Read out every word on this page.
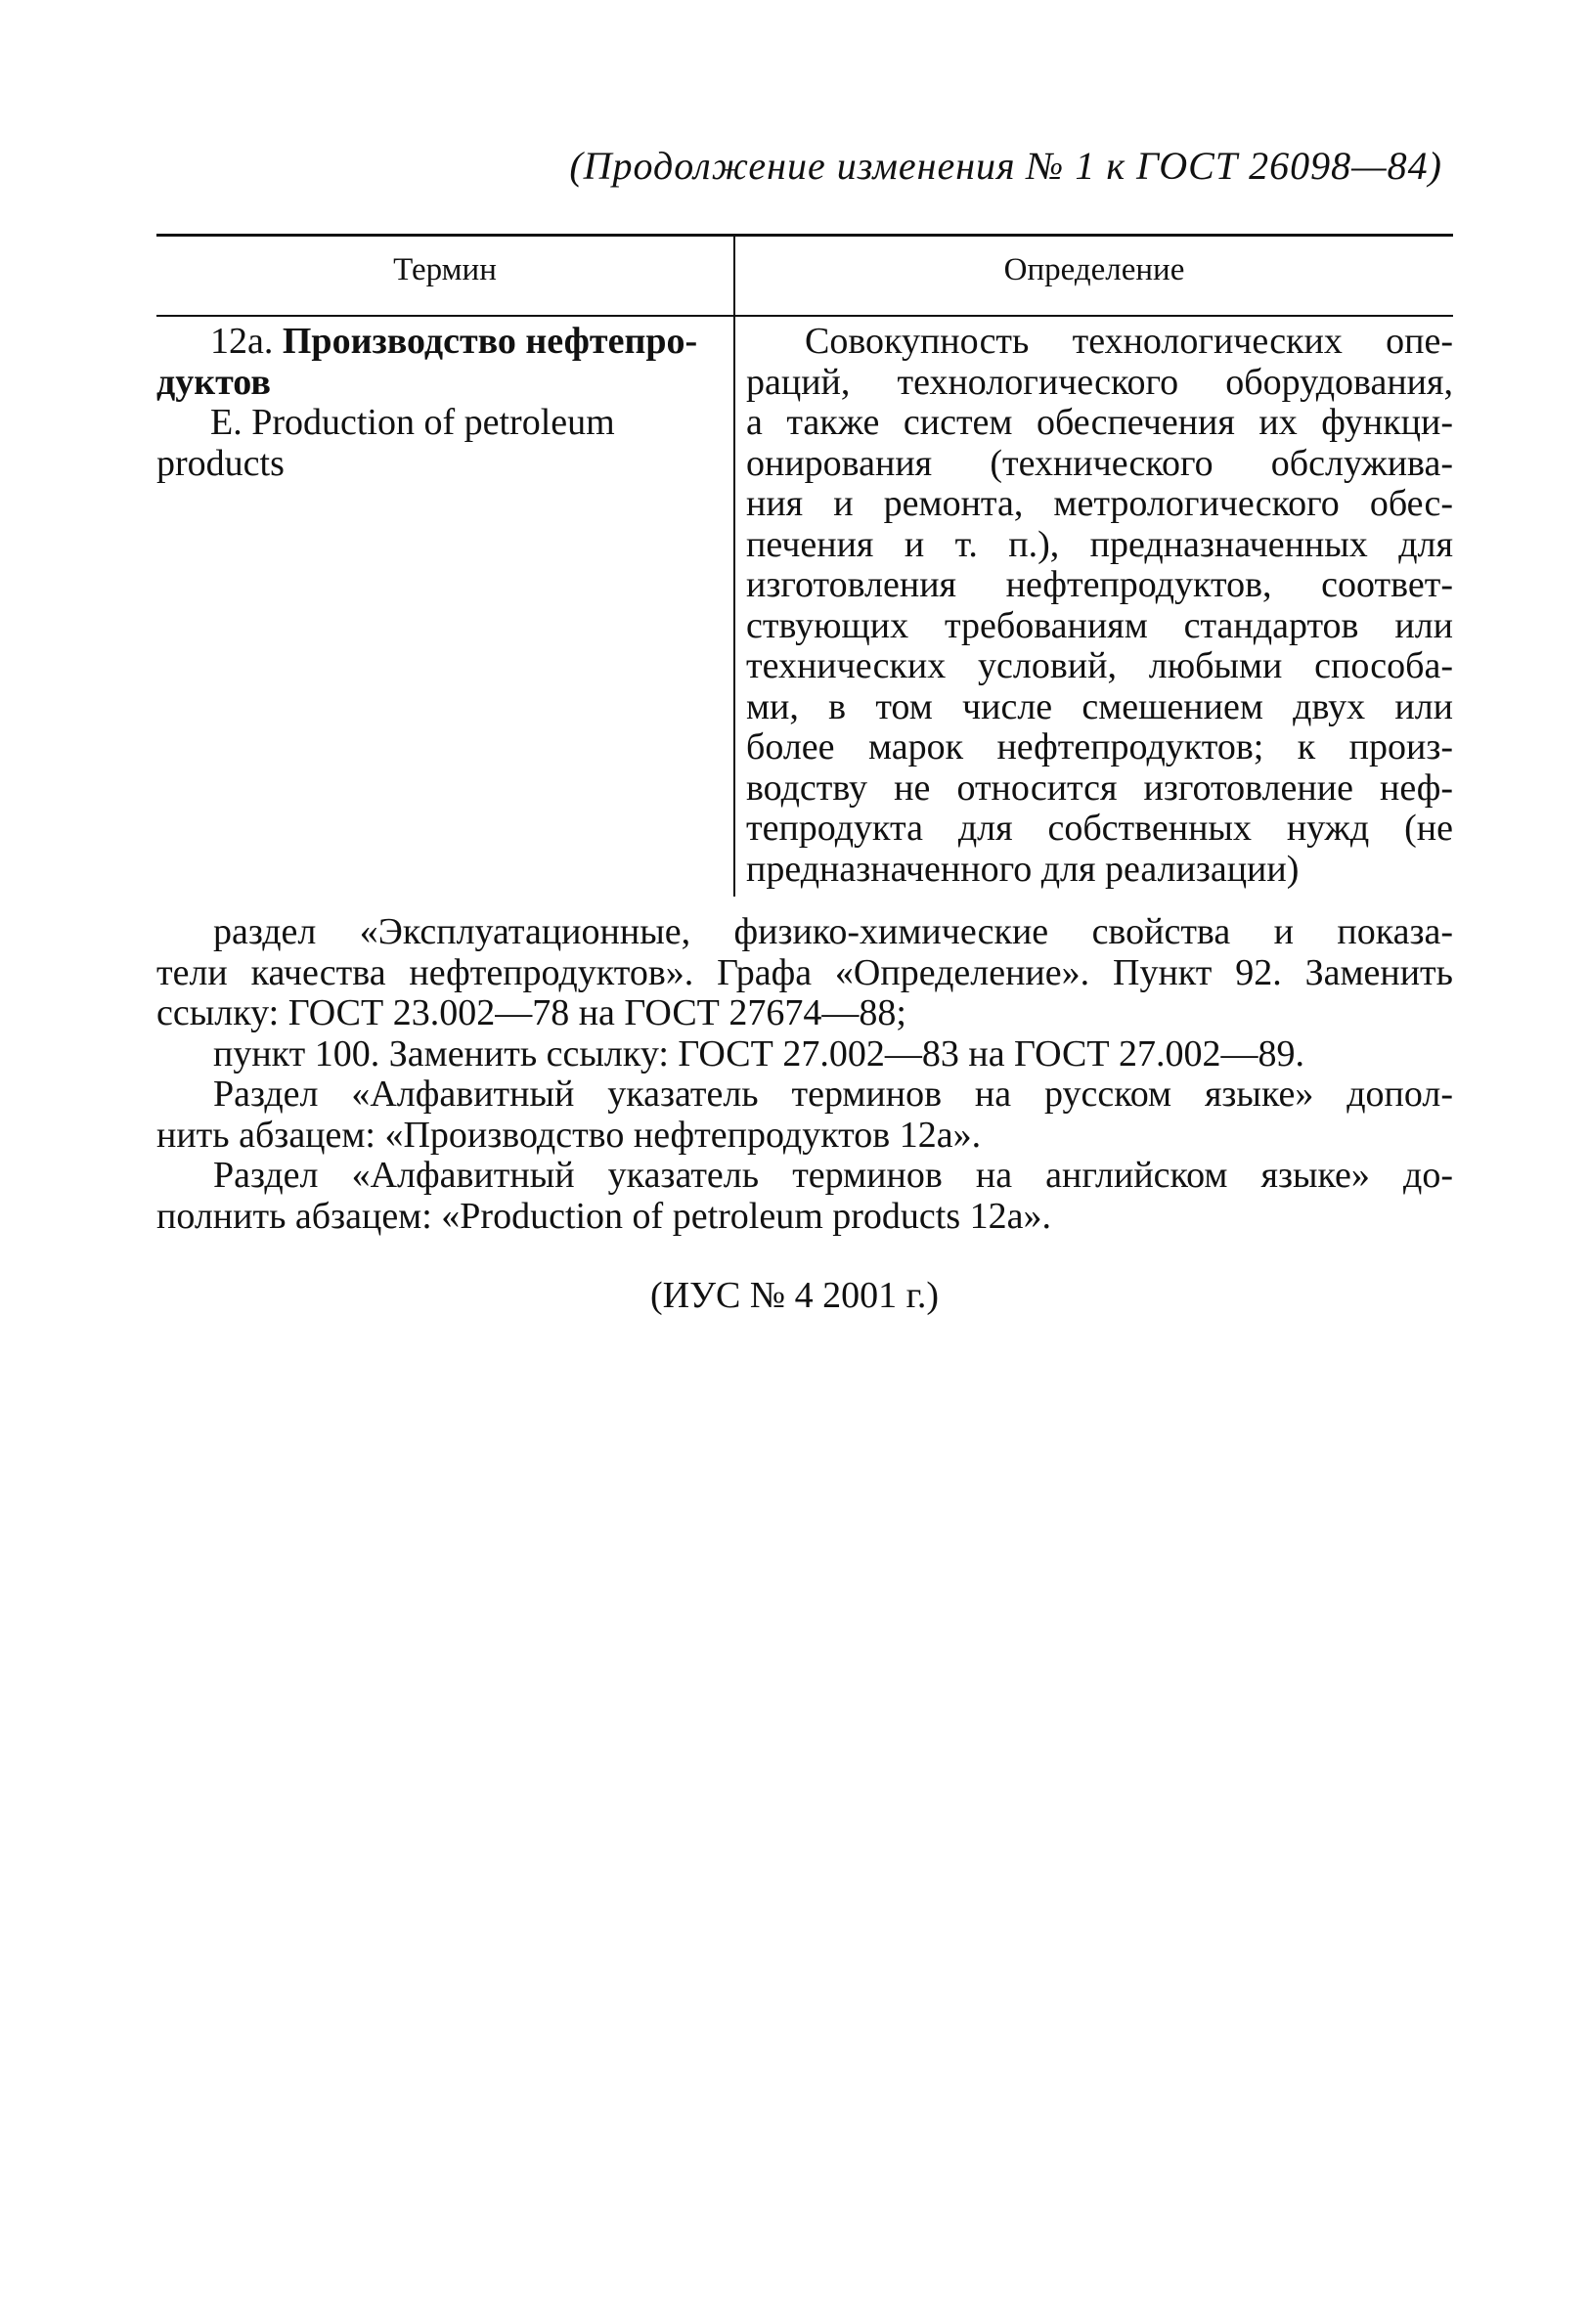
(Продолжение изменения № 1 к ГОСТ 26098—84)
Термин	Определение

12а. Производство нефтепро-
дуктов

E. Production of petroleum
products

Совокупность технологических опе-
раций, технологического оборудования,
а также систем обеспечения их функци-
онирования (технического обслужива-
ния и ремонта, метрологического обес-
печения и т. п.), предназначенных для
изготовления нефтепродуктов, соответ-
ствующих требованиям стандартов или
технических условий, любыми способа-
ми, в том числе смешением двух или
более марок нефтепродуктов; к произ-
водству не относится изготовление неф-
тепродукта для собственных нужд (не
предназначенного для реализации)
раздел «Эксплуатационные, физико-химические свойства и показа-
тели качества нефтепродуктов». Графа «Определение». Пункт 92. Заменить
ссылку: ГОСТ 23.002—78 на ГОСТ 27674—88;
пункт 100. Заменить ссылку: ГОСТ 27.002—83 на ГОСТ 27.002—89.
Раздел «Алфавитный указатель терминов на русском языке» допол-
нить абзацем: «Производство нефтепродуктов 12а».
Раздел «Алфавитный указатель терминов на английском языке» до-
полнить абзацем: «Production of petroleum products 12а».
(ИУС № 4 2001 г.)
